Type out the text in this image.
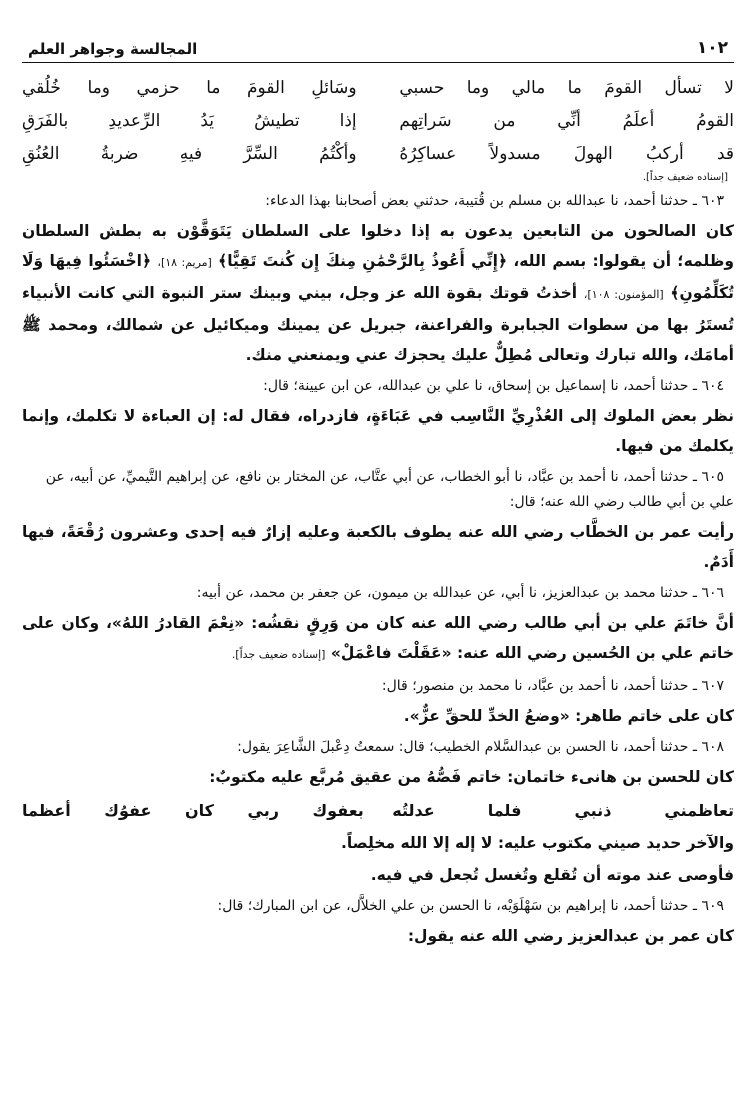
١٠٢
المجالسة وجواهر العلم
لا تسأل القومَ ما مالي وما حسبي
وسَائلِ القومَ ما حزمي وما خُلُقي
القومُ أعلَمُ أنِّي من سَراتِهم
إذا تطيشُ يَدُ الرِّعديدِ بالفَرَقِ
قد أركبُ الهولَ مسدولاً عساكِرُهُ
وأكْتُمُ السِّرَّ فيهِ ضربةُ العُنُقِ
[إسناده ضعيف جداً].
٦٠٣ ـ حدثنا أحمد، نا عبدالله بن مسلم بن قُتيبة، حدثني بعض أصحابنا بهذا الدعاء:
كان الصالحون من التابعين يدعون به إذا دخلوا على السلطان يَتَوَقَّوْن به بطش السلطان وظلمه؛ أن يقولوا: بسم الله، ﴿إِنِّي أَعُوذُ بِالرَّحْمَٰنِ مِنكَ إِن كُنتَ تَقِيًّا﴾ [مريم: ١٨]، ﴿اخْسَئُوا فِيهَا وَلَا تُكَلِّمُونِ﴾ [المؤمنون: ١٠٨]، أخذتُ قوتك بقوة الله عز وجل، بيني وبينك ستر النبوة التي كانت الأنبياء تُستَرُ بها من سطوات الجبابرة والفراعنة، جبريل عن يمينك وميكائيل عن شمالك، ومحمد ﷺ أمامَك، والله تبارك وتعالى مُطِلٌّ عليك يحجزك عني ويمنعني منك.
٦٠٤ ـ حدثنا أحمد، نا إسماعيل بن إسحاق، نا علي بن عبدالله، عن ابن عيينة؛ قال:
نظر بعض الملوك إلى العُذْرِيِّ النَّاسِب في عَبَاءَةٍ، فازدراه، فقال له: إن العباءة لا تكلمك، وإنما يكلمك من فيها.
٦٠٥ ـ حدثنا أحمد، نا أحمد بن عبَّاد، نا أبو الخطاب، عن أبي عتَّاب، عن المختار بن نافع، عن إبراهيم التَّيميِّ، عن أبيه، عن علي بن أبي طالب رضي الله عنه؛ قال:
رأيت عمر بن الخطَّاب رضي الله عنه يطوف بالكعبة وعليه إزارٌ فيه إحدى وعشرون رُقْعَةً، فيها أَدَمٌ.
٦٠٦ ـ حدثنا محمد بن عبدالعزيز، نا أبي، عن عبدالله بن ميمون، عن جعفر بن محمد، عن أبيه:
أنَّ خاتَمَ علي بن أبي طالب رضي الله عنه كان من وَرِقٍ نقشُه: «نِعْمَ القادرُ اللهُ»، وكان على خاتم علي بن الحُسين رضي الله عنه: «عَقَلْتَ فاعْمَلْ» [إسناده ضعيف جداً].
٦٠٧ ـ حدثنا أحمد، نا أحمد بن عبَّاد، نا محمد بن منصور؛ قال:
كان على خاتم طاهر: «وضعُ الخدِّ للحقِّ عزٌّ».
٦٠٨ ـ حدثنا أحمد، نا الحسن بن عبدالسَّلام الخطيب؛ قال: سمعتُ دِعْبلَ الشَّاعِرَ يقول:
كان للحسن بن هانىء خاتمان: خاتم فَصُّهُ من عقيق مُربَّع عليه مكتوبٌ:
تعاظمني ذنبي فلما عدلتُه
بعفوك ربي كان عفوُك أعظما
والآخر حديد صيني مكتوب عليه: لا إله إلا الله مخلِصاً.
فأوصى عند موته أن تُقلع وتُغسل تُجعل في فيه.
٦٠٩ ـ حدثنا أحمد، نا إبراهيم بن سَهْلَوَيْه، نا الحسن بن علي الخلاَّل، عن ابن المبارك؛ قال:
كان عمر بن عبدالعزيز رضي الله عنه يقول:
